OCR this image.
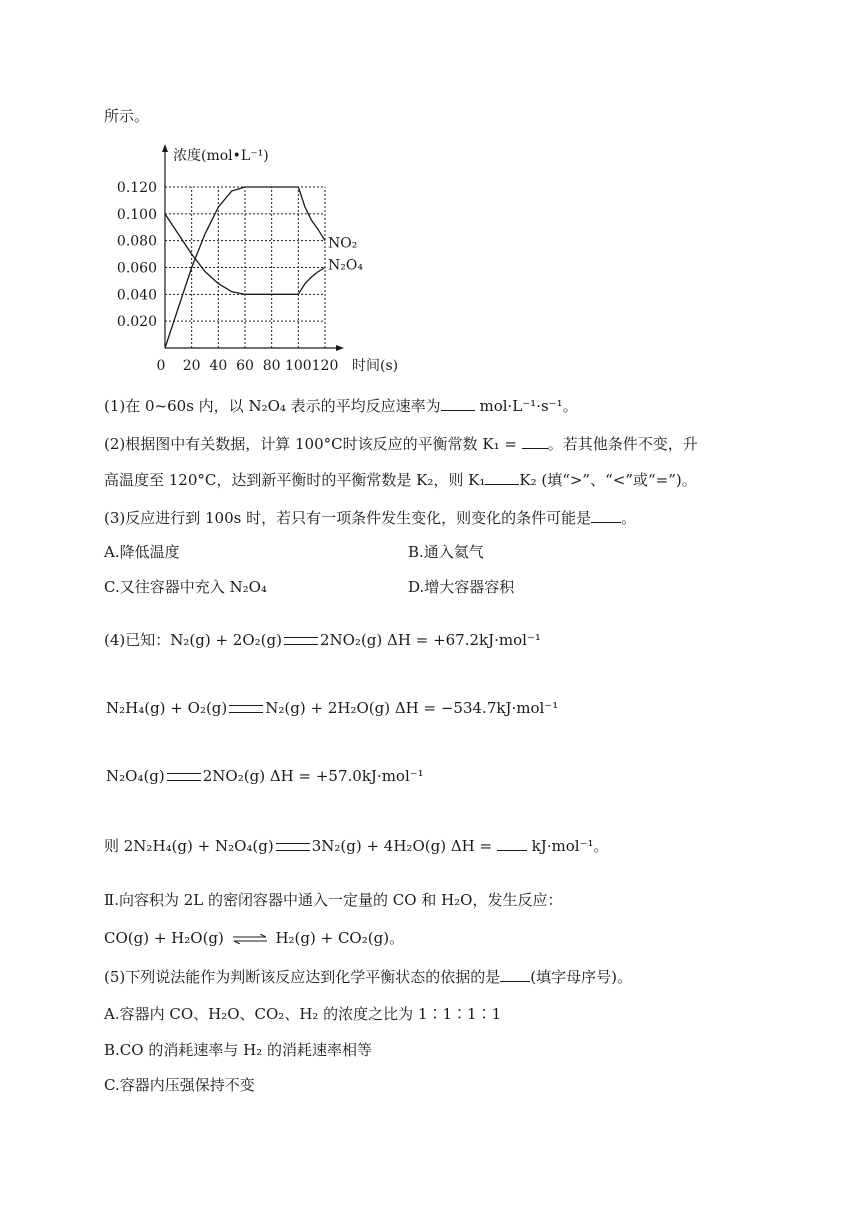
所示。
0 20 40 60 80 100 120
0.020
0.040
0.060
0.080
0.100
0.120
NO₂
N₂O₄
浓度(mol•L⁻¹)
时间(s)
(1)在 0~60s 内，以 N₂O₄ 表示的平均反应速率为	mol·L⁻¹·s⁻¹。
(2)根据图中有关数据，计算 100°C时该反应的平衡常数 K₁ = 。若其他条件不变，升
高温度至 120°C，达到新平衡时的平衡常数是 K₂，则 K₁ K₂ (填“>”、“<”或“=”)。
(3)反应进行到 100s 时，若只有一项条件发生变化，则变化的条件可能是 。
A.降低温度	B.通入氦气
C.又往容器中充入 N₂O₄	D.增大容器容积
(4)已知：N₂(g) + 2O₂(g)	2NO₂(g) ΔH = +67.2kJ·mol⁻¹
N₂H₄(g) + O₂(g)	N₂(g) + 2H₂O(g) ΔH = −534.7kJ·mol⁻¹
N₂O₄(g)	2NO₂(g) ΔH = +57.0kJ·mol⁻¹
则 2N₂H₄(g) + N₂O₄(g)	3N₂(g) + 4H₂O(g) ΔH =  kJ·mol⁻¹。
Ⅱ.向容积为 2L 的密闭容器中通入一定量的 CO 和 H₂O，发生反应：
CO(g) + H₂O(g) ⇌ H₂(g) + CO₂(g)。
(5)下列说法能作为判断该反应达到化学平衡状态的依据的是 (填字母序号)。
A.容器内 CO、H₂O、CO₂、H₂ 的浓度之比为 1∶1∶1∶1
B.CO 的消耗速率与 H₂ 的消耗速率相等
C.容器内压强保持不变
